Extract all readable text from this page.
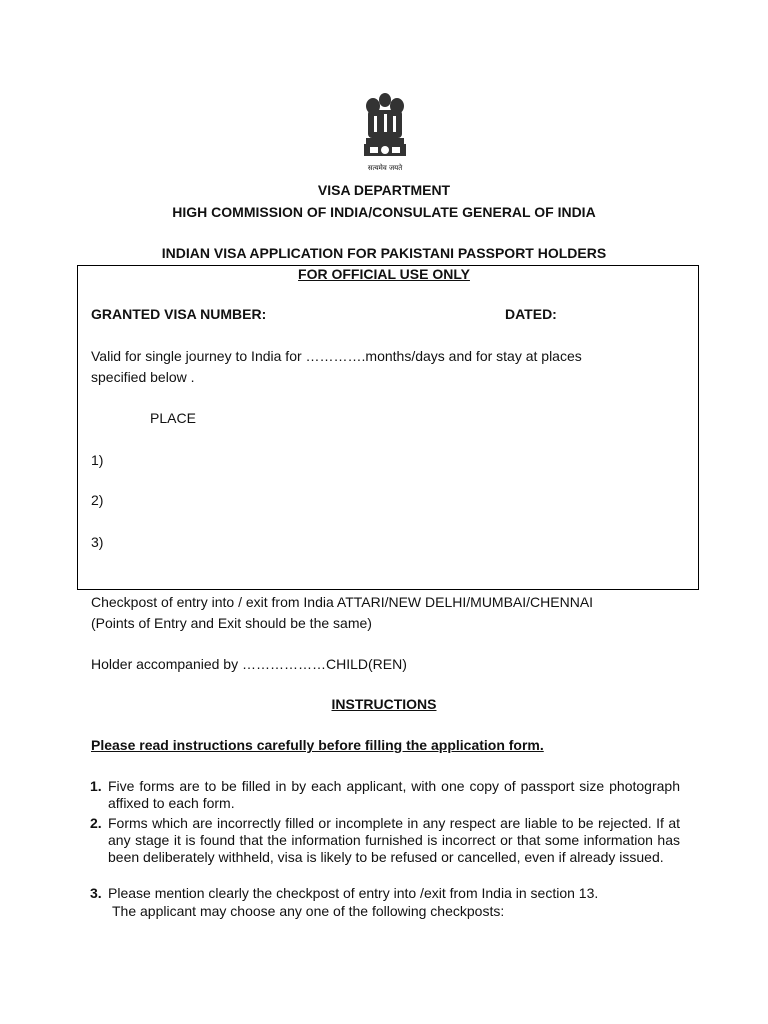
सत्यमेव जयते
VISA DEPARTMENT
HIGH COMMISSION OF INDIA/CONSULATE GENERAL OF INDIA
INDIAN VISA APPLICATION FOR PAKISTANI PASSPORT HOLDERS
FOR OFFICIAL USE ONLY
GRANTED VISA NUMBER:	DATED:
Valid for single journey to India for ………….months/days and for stay at places
specified below .
PLACE
1)
2)
3)
Checkpost of entry into / exit from India ATTARI/NEW DELHI/MUMBAI/CHENNAI
(Points of Entry and Exit should be the same)
Holder accompanied by ………………CHILD(REN)
INSTRUCTIONS
Please read instructions carefully before filling the application form.
1. Five forms are to be filled in by each applicant, with one copy of passport size photograph affixed to each form.
2. Forms which are incorrectly filled or incomplete in any respect are liable to be rejected. If at any stage it is found that the information furnished is incorrect or that some information has been deliberately withheld, visa is likely to be refused or cancelled, even if already issued.
3. Please mention clearly the checkpost of entry into /exit from India in section 13.
The applicant may choose any one of the following checkposts:
